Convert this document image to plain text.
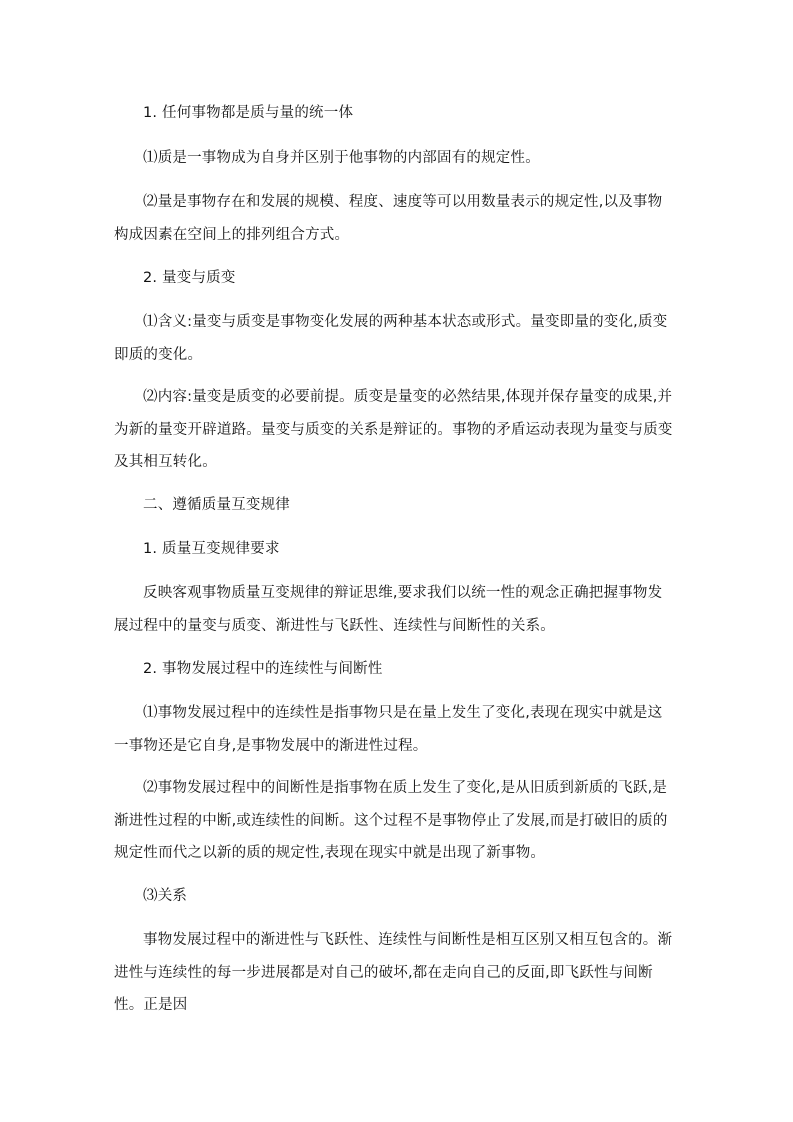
1. 任何事物都是质与量的统一体

⑴质是一事物成为自身并区别于他事物的内部固有的规定性。

⑵量是事物存在和发展的规模、程度、速度等可以用数量表示的规定性,以及事物构成因素在空间上的排列组合方式。

2. 量变与质变

⑴含义:量变与质变是事物变化发展的两种基本状态或形式。量变即量的变化,质变即质的变化。

⑵内容:量变是质变的必要前提。质变是量变的必然结果,体现并保存量变的成果,并为新的量变开辟道路。量变与质变的关系是辩证的。事物的矛盾运动表现为量变与质变及其相互转化。

二、遵循质量互变规律

1. 质量互变规律要求

反映客观事物质量互变规律的辩证思维,要求我们以统一性的观念正确把握事物发展过程中的量变与质变、渐进性与飞跃性、连续性与间断性的关系。

2. 事物发展过程中的连续性与间断性

⑴事物发展过程中的连续性是指事物只是在量上发生了变化,表现在现实中就是这一事物还是它自身,是事物发展中的渐进性过程。

⑵事物发展过程中的间断性是指事物在质上发生了变化,是从旧质到新质的飞跃,是渐进性过程的中断,或连续性的间断。这个过程不是事物停止了发展,而是打破旧的质的规定性而代之以新的质的规定性,表现在现实中就是出现了新事物。

⑶关系

事物发展过程中的渐进性与飞跃性、连续性与间断性是相互区别又相互包含的。渐进性与连续性的每一步进展都是对自己的破坏,都在走向自己的反面,即飞跃性与间断性。正是因
